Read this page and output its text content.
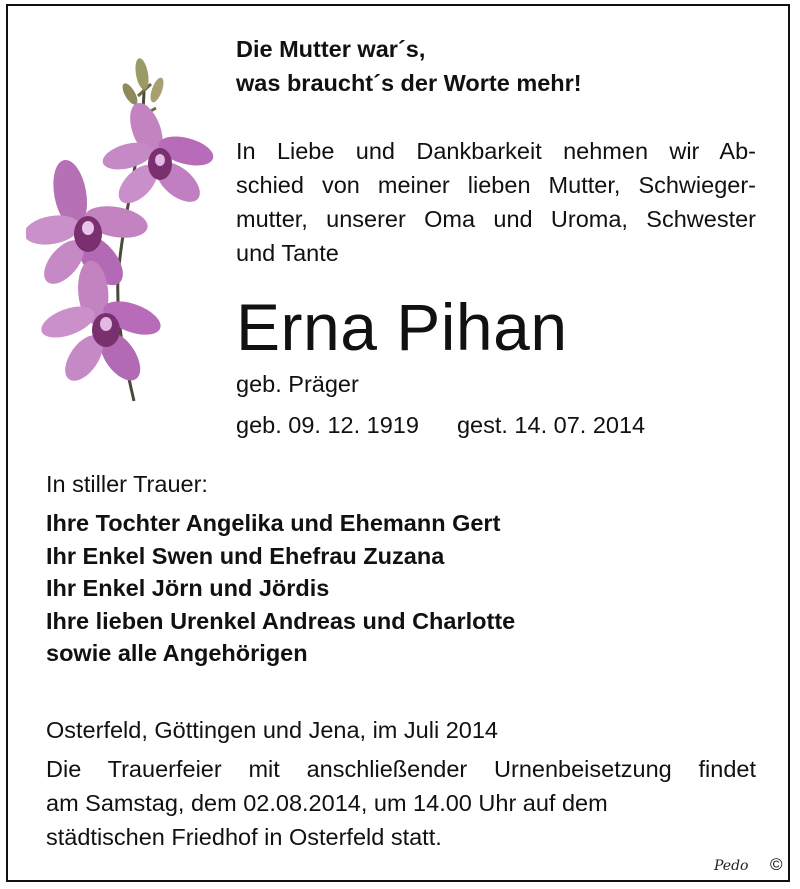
Die Mutter war´s,
was braucht´s der Worte mehr!
In Liebe und Dankbarkeit nehmen wir Ab-
schied von meiner lieben Mutter, Schwieger-
mutter, unserer Oma und Uroma, Schwester
und Tante
Erna Pihan
geb. Präger
geb. 09. 12. 1919 gest. 14. 07. 2014
In stiller Trauer:
Ihre Tochter Angelika und Ehemann Gert
Ihr Enkel Swen und Ehefrau Zuzana
Ihr Enkel Jörn und Jördis
Ihre lieben Urenkel Andreas und Charlotte
sowie alle Angehörigen
Osterfeld, Göttingen und Jena, im Juli 2014
Die Trauerfeier mit anschließender Urnenbeisetzung findet
am Samstag, dem 02.08.2014, um 14.00 Uhr auf dem
städtischen Friedhof in Osterfeld statt.
Pedo ©
